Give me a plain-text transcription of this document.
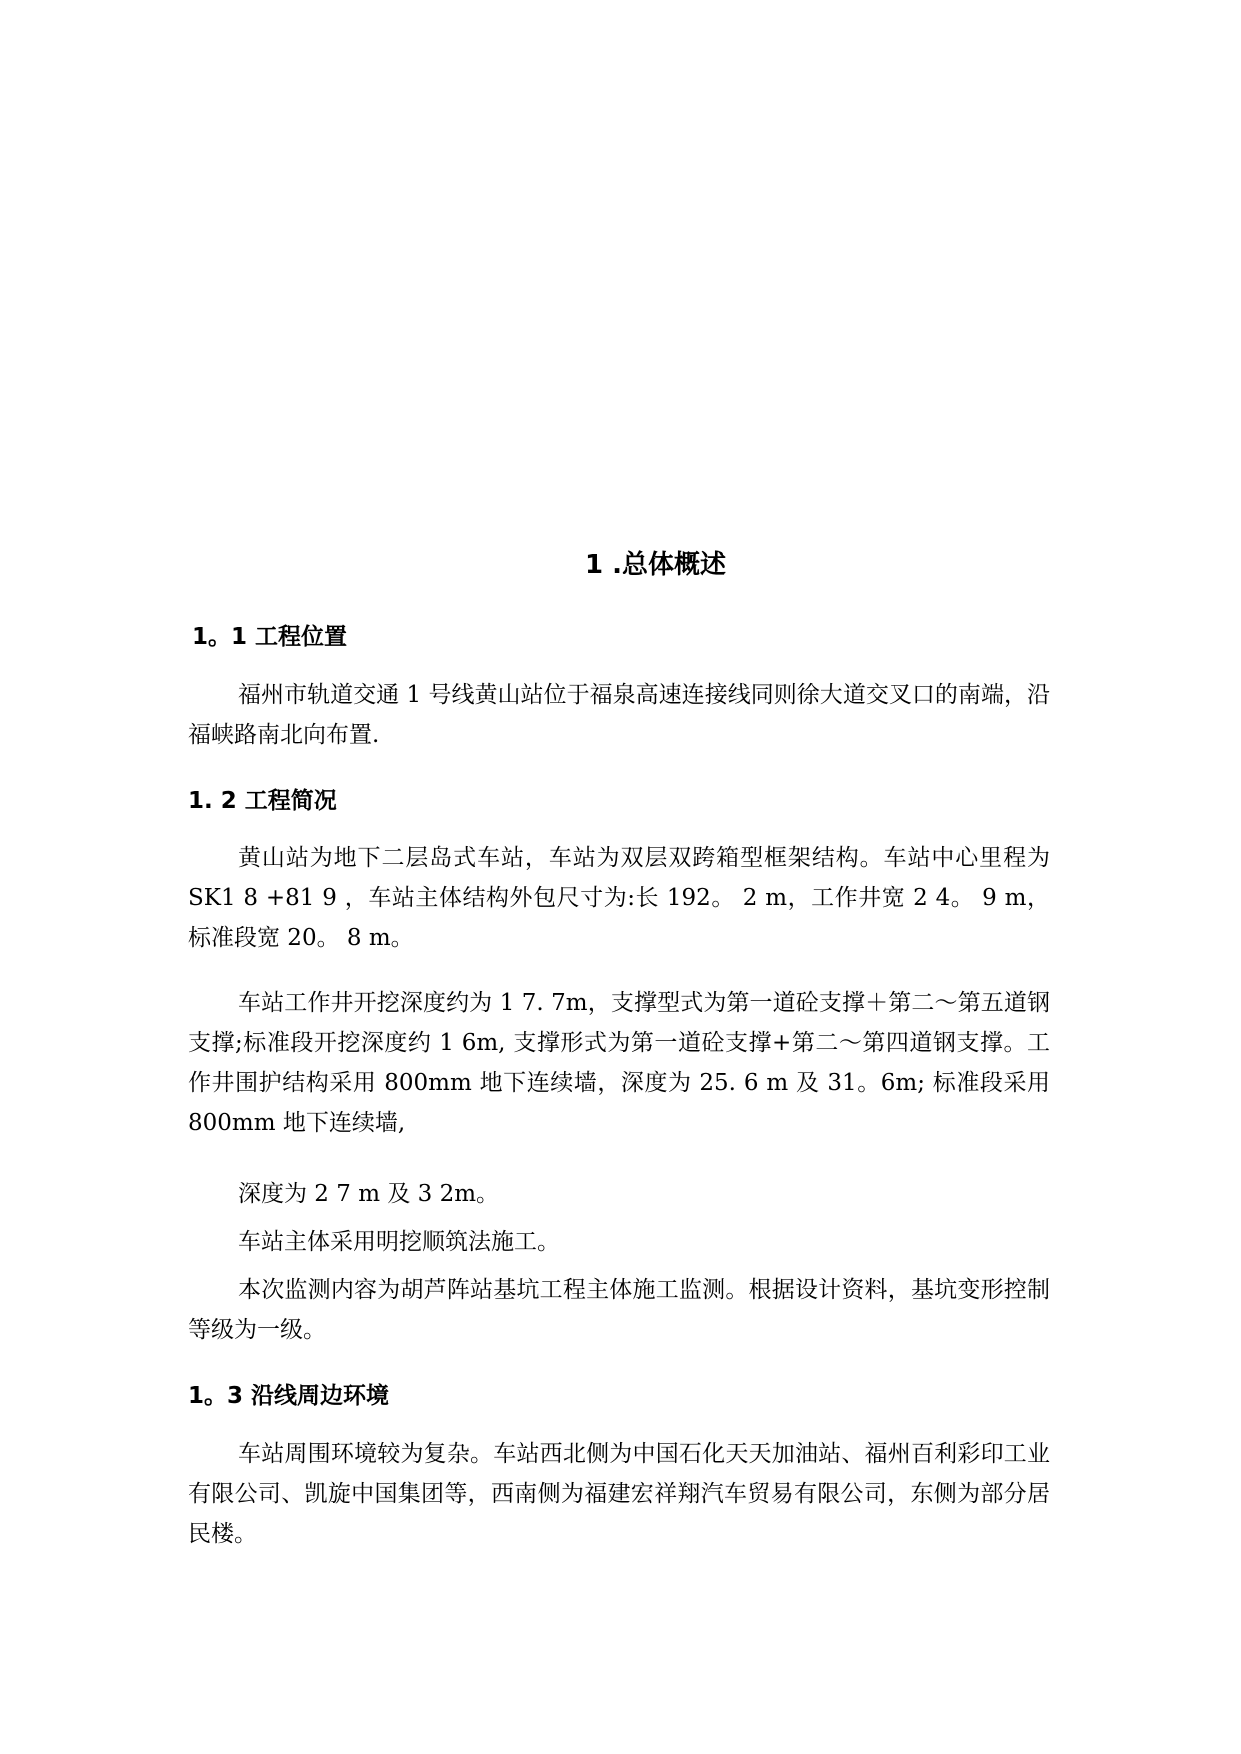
1 .总体概述
1。1 工程位置
福州市轨道交通 1 号线黄山站位于福泉高速连接线同则徐大道交叉口的南端，沿福峡路南北向布置.
1. 2 工程简况
黄山站为地下二层岛式车站，车站为双层双跨箱型框架结构。车站中心里程为 SK1 8 +81 9 ，车站主体结构外包尺寸为:长 192。 2 m，工作井宽 2 4。 9 m，标准段宽 20。 8 m。
车站工作井开挖深度约为 1 7. 7m，支撑型式为第一道砼支撑＋第二～第五道钢支撑;标准段开挖深度约 1 6m, 支撑形式为第一道砼支撑+第二～第四道钢支撑。工作井围护结构采用 800mm 地下连续墙，深度为 25. 6 m 及 31。6m; 标准段采用 800mm 地下连续墙,
深度为 2 7 m 及 3 2m。
车站主体采用明挖顺筑法施工。
本次监测内容为胡芦阵站基坑工程主体施工监测。根据设计资料，基坑变形控制等级为一级。
1。3 沿线周边环境
车站周围环境较为复杂。车站西北侧为中国石化天天加油站、福州百利彩印工业有限公司、凯旋中国集团等，西南侧为福建宏祥翔汽车贸易有限公司，东侧为部分居民楼。
